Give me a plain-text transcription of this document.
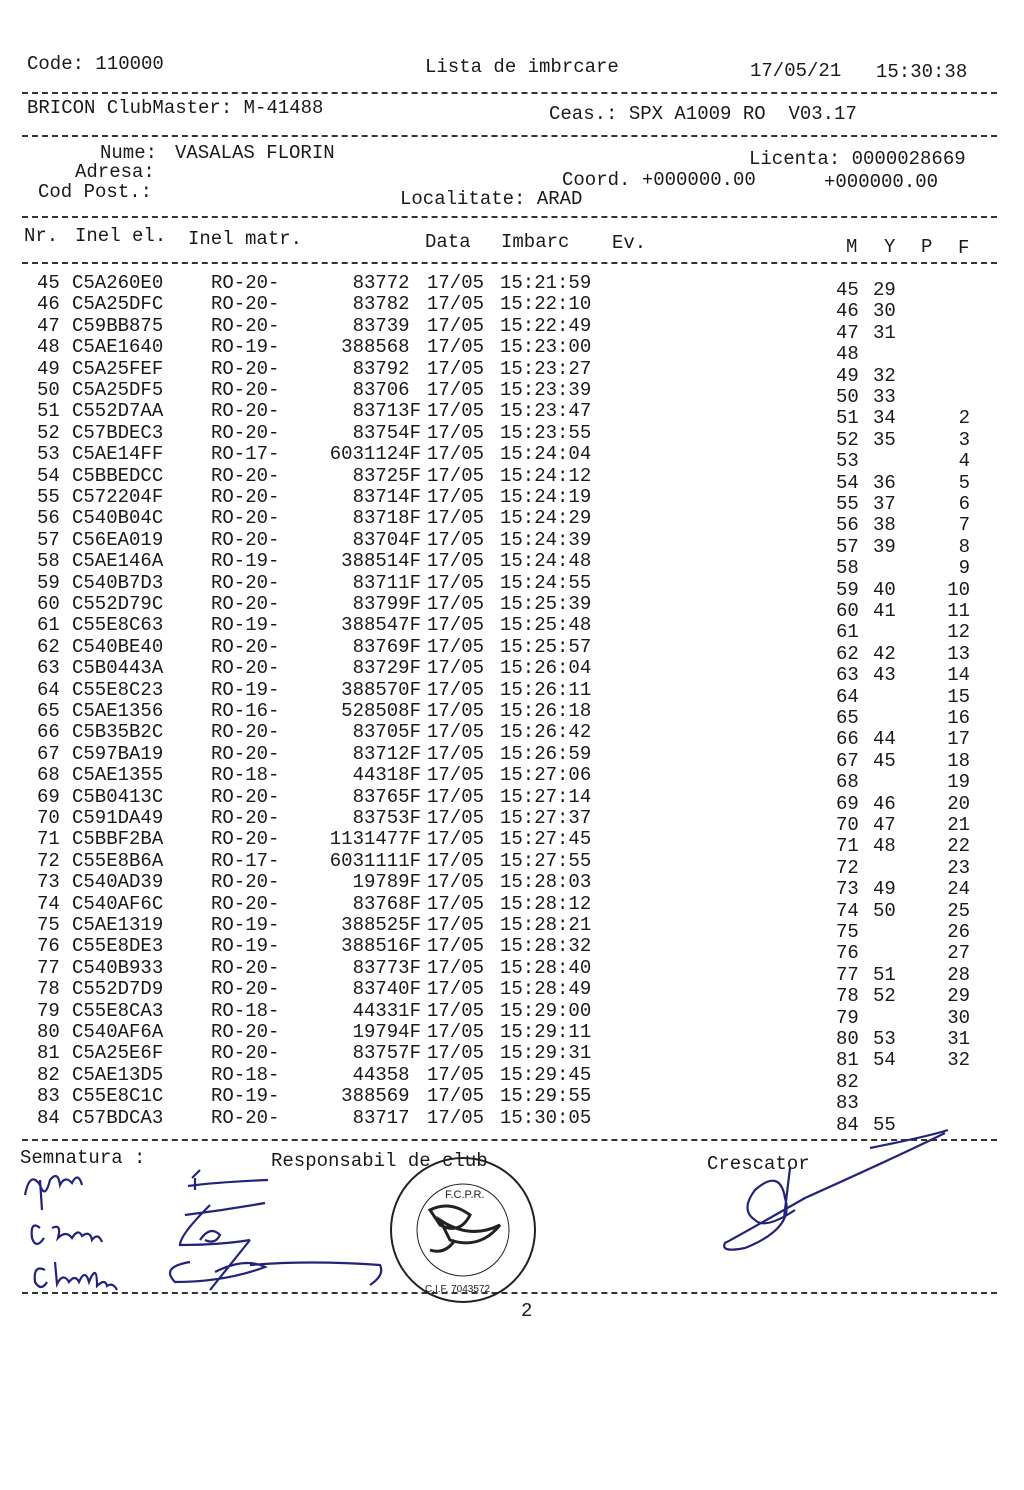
Code: 110000	Lista de imbrcare	17/05/21 15:30:38
BRICON ClubMaster: M-41488	Ceas.: SPX A1009 RO  V03.17
Nume: VASALAS FLORIN
Adresa:
Cod Post.:
Licenta: 0000028669
Coord. +000000.00	+000000.00
Localitate: ARAD
Nr. Inel el. Inel matr.	Data Imbarc Ev.	M Y P F
45 C5A260E0	RO-20-	83772 17/05 15:21:59	45 29
46 C5A25DFC	RO-20-	83782 17/05 15:22:10	46 30
47 C59BB875	RO-20-	83739 17/05 15:22:49	47 31
48 C5AE1640	RO-19-	388568 17/05 15:23:00	48
49 C5A25FEF	RO-20-	83792 17/05 15:23:27	49 32
50 C5A25DF5	RO-20-	83706 17/05 15:23:39	50 33
51 C552D7AA	RO-20-	83713F 17/05 15:23:47	51 34	2
52 C57BDEC3	RO-20-	83754F 17/05 15:23:55	52 35	3
53 C5AE14FF	RO-17-	6031124F 17/05 15:24:04	53	4
54 C5BBEDCC	RO-20-	83725F 17/05 15:24:12	54 36	5
55 C572204F	RO-20-	83714F 17/05 15:24:19	55 37	6
56 C540B04C	RO-20-	83718F 17/05 15:24:29	56 38	7
57 C56EA019	RO-20-	83704F 17/05 15:24:39	57 39	8
58 C5AE146A	RO-19-	388514F 17/05 15:24:48	58	9
59 C540B7D3	RO-20-	83711F 17/05 15:24:55	59 40	10
60 C552D79C	RO-20-	83799F 17/05 15:25:39	60 41	11
61 C55E8C63	RO-19-	388547F 17/05 15:25:48	61	12
62 C540BE40	RO-20-	83769F 17/05 15:25:57	62 42	13
63 C5B0443A	RO-20-	83729F 17/05 15:26:04	63 43	14
64 C55E8C23	RO-19-	388570F 17/05 15:26:11	64	15
65 C5AE1356	RO-16-	528508F 17/05 15:26:18	65	16
66 C5B35B2C	RO-20-	83705F 17/05 15:26:42	66 44	17
67 C597BA19	RO-20-	83712F 17/05 15:26:59	67 45	18
68 C5AE1355	RO-18-	44318F 17/05 15:27:06	68	19
69 C5B0413C	RO-20-	83765F 17/05 15:27:14	69 46	20
70 C591DA49	RO-20-	83753F 17/05 15:27:37	70 47	21
71 C5BBF2BA	RO-20-	1131477F 17/05 15:27:45	71 48	22
72 C55E8B6A	RO-17-	6031111F 17/05 15:27:55	72	23
73 C540AD39	RO-20-	19789F 17/05 15:28:03	73 49	24
74 C540AF6C	RO-20-	83768F 17/05 15:28:12	74 50	25
75 C5AE1319	RO-19-	388525F 17/05 15:28:21	75	26
76 C55E8DE3	RO-19-	388516F 17/05 15:28:32	76	27
77 C540B933	RO-20-	83773F 17/05 15:28:40	77 51	28
78 C552D7D9	RO-20-	83740F 17/05 15:28:49	78 52	29
79 C55E8CA3	RO-18-	44331F 17/05 15:29:00	79	30
80 C540AF6A	RO-20-	19794F 17/05 15:29:11	80 53	31
81 C5A25E6F	RO-20-	83757F 17/05 15:29:31	81 54	32
82 C5AE13D5	RO-18-	44358 17/05 15:29:45	82
83 C55E8C1C	RO-19-	388569 17/05 15:29:55	83
84 C57BDCA3	RO-20-	83717 17/05 15:30:05	84 55
Semnatura :	Responsabil de club	Crescator
2
F.C.P.R.
C.I.F. 7043572
